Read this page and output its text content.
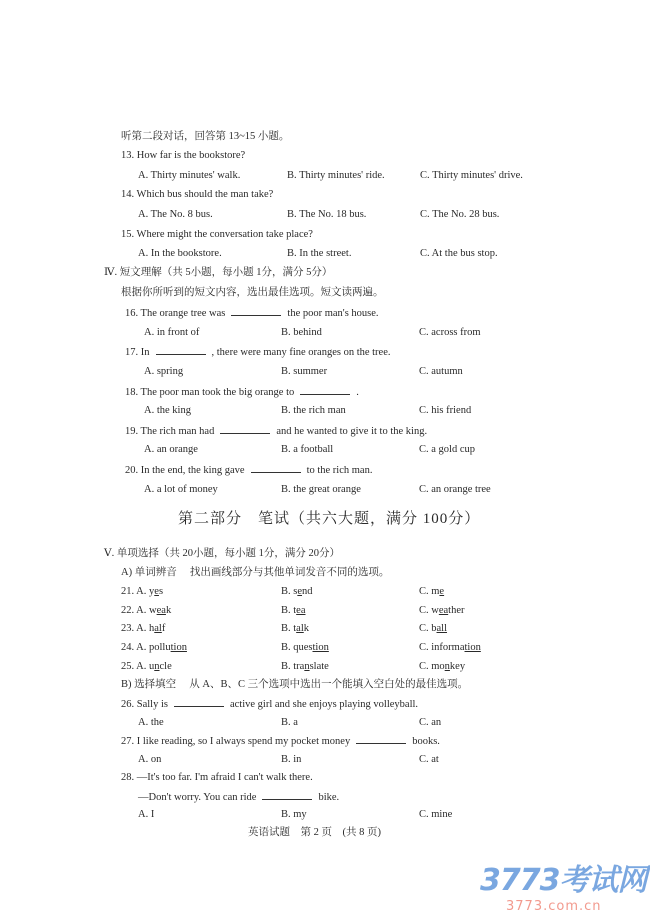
听第二段对话，回答第 13~15 小题。
13. How far is the bookstore?
A. Thirty minutes' walk.	B. Thirty minutes' ride.	C. Thirty minutes' drive.
14. Which bus should the man take?
A. The No. 8 bus.	B. The No. 18 bus.	C. The No. 28 bus.
15. Where might the conversation take place?
A. In the bookstore.	B. In the street.	C. At the bus stop.
Ⅳ. 短文理解（共 5小题，每小题 1分，满分 5分）
根据你所听到的短文内容，选出最佳选项。短文读两遍。
16. The orange tree was	the poor man's house.
A. in front of	B. behind	C. across from
17. In	, there were many fine oranges on the tree.
A. spring	B. summer	C. autumn
18. The poor man took the big orange to	.
A. the king	B. the rich man	C. his friend
19. The rich man had	and he wanted to give it to the king.
A. an orange	B. a football	C. a gold cup
20. In the end, the king gave	to the rich man.
A. a lot of money	B. the great orange	C. an orange tree
第二部分　笔试（共六大题，满分 100分）
Ⅴ. 单项选择（共 20小题，每小题 1分，满分 20分）
A) 单词辨音　 找出画线部分与其他单词发音不同的选项。
21. A. yes	B. send	C. me
22. A. weak	B. tea	C. weather
23. A. half	B. talk	C. ball
24. A. pollution	B. question	C. information
25. A. uncle	B. translate	C. monkey
B) 选择填空　 从 A、B、C 三个选项中选出一个能填入空白处的最佳选项。
26. Sally is	active girl and she enjoys playing volleyball.
A. the	B. a	C. an
27. I like reading, so I always spend my pocket money	books.
A. on	B. in	C. at
28. —It's too far. I'm afraid I can't walk there.
—Don't worry. You can ride	bike.
A. I	B. my	C. mine
英语试题　第 2 页　(共 8 页)
3773考试网
3773.com.cn
